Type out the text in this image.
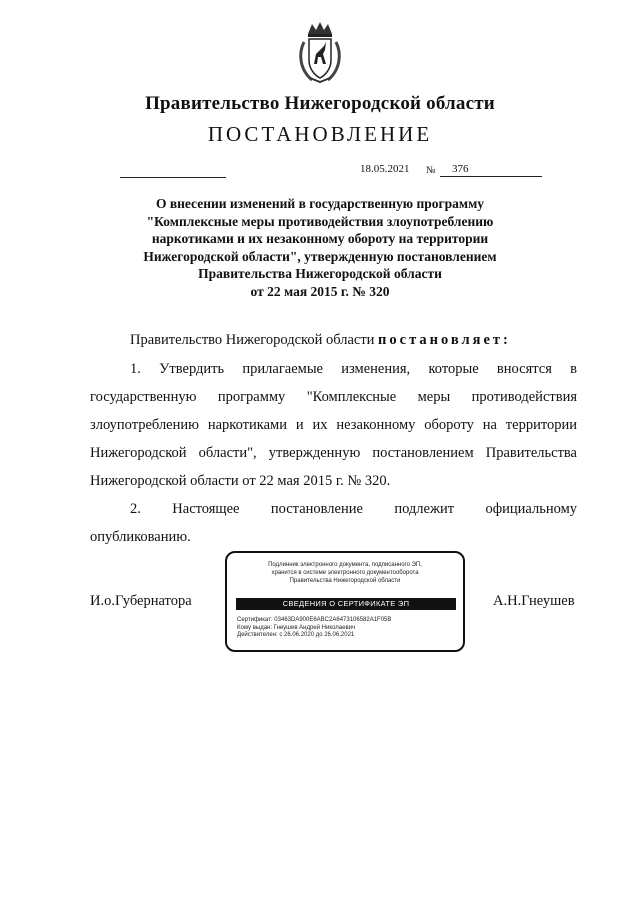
Правительство Нижегородской области
ПОСТАНОВЛЕНИЕ
18.05.2021 №	376
О внесении изменений в государственную программу
"Комплексные меры противодействия злоупотреблению
наркотиками и их незаконному обороту на территории
Нижегородской области", утвержденную постановлением
Правительства Нижегородской области
от 22 мая 2015 г. № 320
Правительство Нижегородской области постановляет:
1. Утвердить прилагаемые изменения, которые вносятся в
государственную программу "Комплексные меры противодействия
злоупотреблению наркотиками и их незаконному обороту на территории
Нижегородской области", утвержденную постановлением Правительства
Нижегородской области от 22 мая 2015 г. № 320.
2. Настоящее постановление подлежит официальному
опубликованию.
И.о.Губернатора	А.Н.Гнеушев
Подлинник электронного документа, подписанного ЭП,
хранится в системе электронного документооборота
Правительства Нижегородской области
СВЕДЕНИЯ О СЕРТИФИКАТЕ ЭП
Сертификат: 03463DA900E6ABC2A6473106582A1F05B
Кому выдан: Гнеушев Андрей Николаевич
Действителен: с 26.06.2020 до 26.06.2021
